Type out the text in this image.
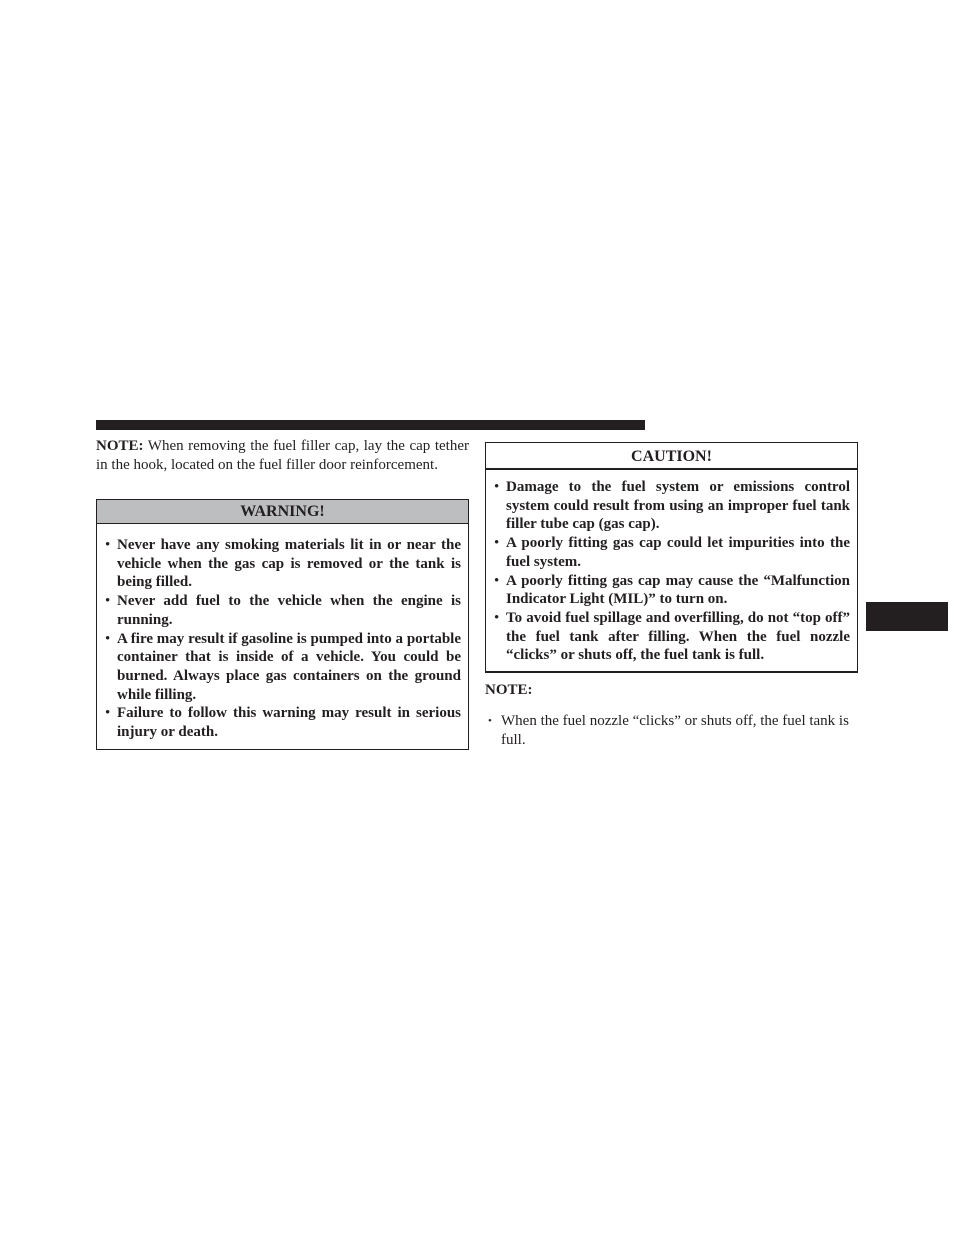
NOTE: When removing the fuel filler cap, lay the cap tether in the hook, located on the fuel filler door reinforcement.

WARNING!
• Never have any smoking materials lit in or near the vehicle when the gas cap is removed or the tank is being filled.
• Never add fuel to the vehicle when the engine is running.
• A fire may result if gasoline is pumped into a portable container that is inside of a vehicle. You could be burned. Always place gas containers on the ground while filling.
• Failure to follow this warning may result in serious injury or death.
CAUTION!
• Damage to the fuel system or emissions control system could result from using an improper fuel tank filler tube cap (gas cap).
• A poorly fitting gas cap could let impurities into the fuel system.
• A poorly fitting gas cap may cause the “Malfunction Indicator Light (MIL)” to turn on.
• To avoid fuel spillage and overfilling, do not “top off” the fuel tank after filling. When the fuel nozzle “clicks” or shuts off, the fuel tank is full.

NOTE:

• When the fuel nozzle “clicks” or shuts off, the fuel tank is full.
